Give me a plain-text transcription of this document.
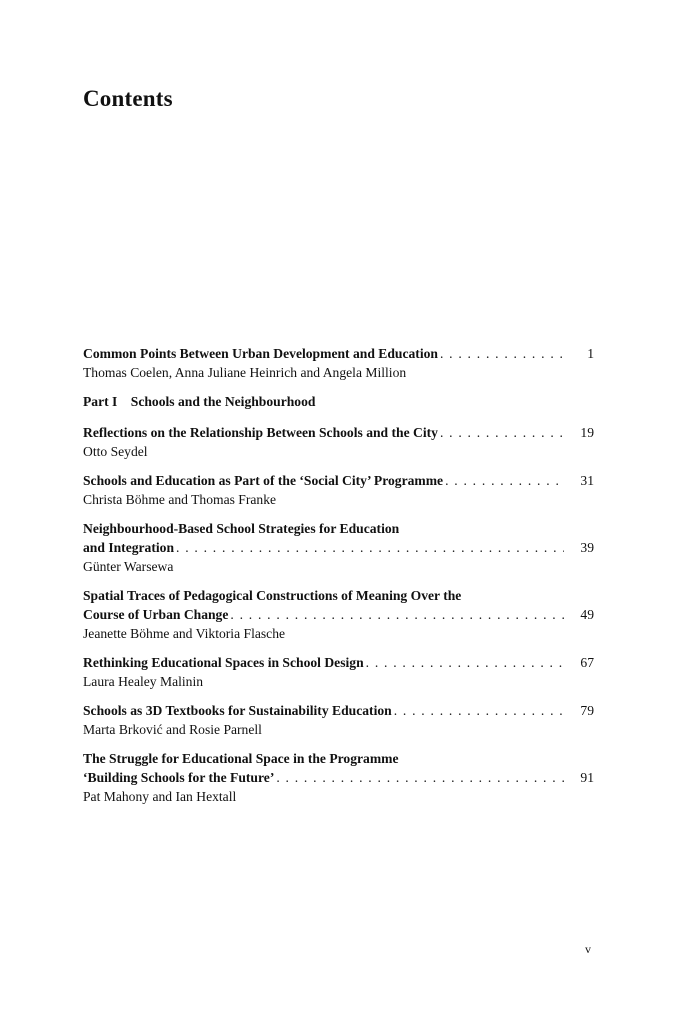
Contents
Common Points Between Urban Development and Education . . .	1
Thomas Coelen, Anna Juliane Heinrich and Angela Million
Part I Schools and the Neighbourhood
Reflections on the Relationship Between Schools and the City . . .	19
Otto Seydel
Schools and Education as Part of the ‘Social City’ Programme . . .	31
Christa Böhme and Thomas Franke
Neighbourhood-Based School Strategies for Education
and Integration . . .	39
Günter Warsewa
Spatial Traces of Pedagogical Constructions of Meaning Over the
Course of Urban Change . . .	49
Jeanette Böhme and Viktoria Flasche
Rethinking Educational Spaces in School Design . . .	67
Laura Healey Malinin
Schools as 3D Textbooks for Sustainability Education . . .	79
Marta Brković and Rosie Parnell
The Struggle for Educational Space in the Programme
‘Building Schools for the Future’ . . .	91
Pat Mahony and Ian Hextall
v
